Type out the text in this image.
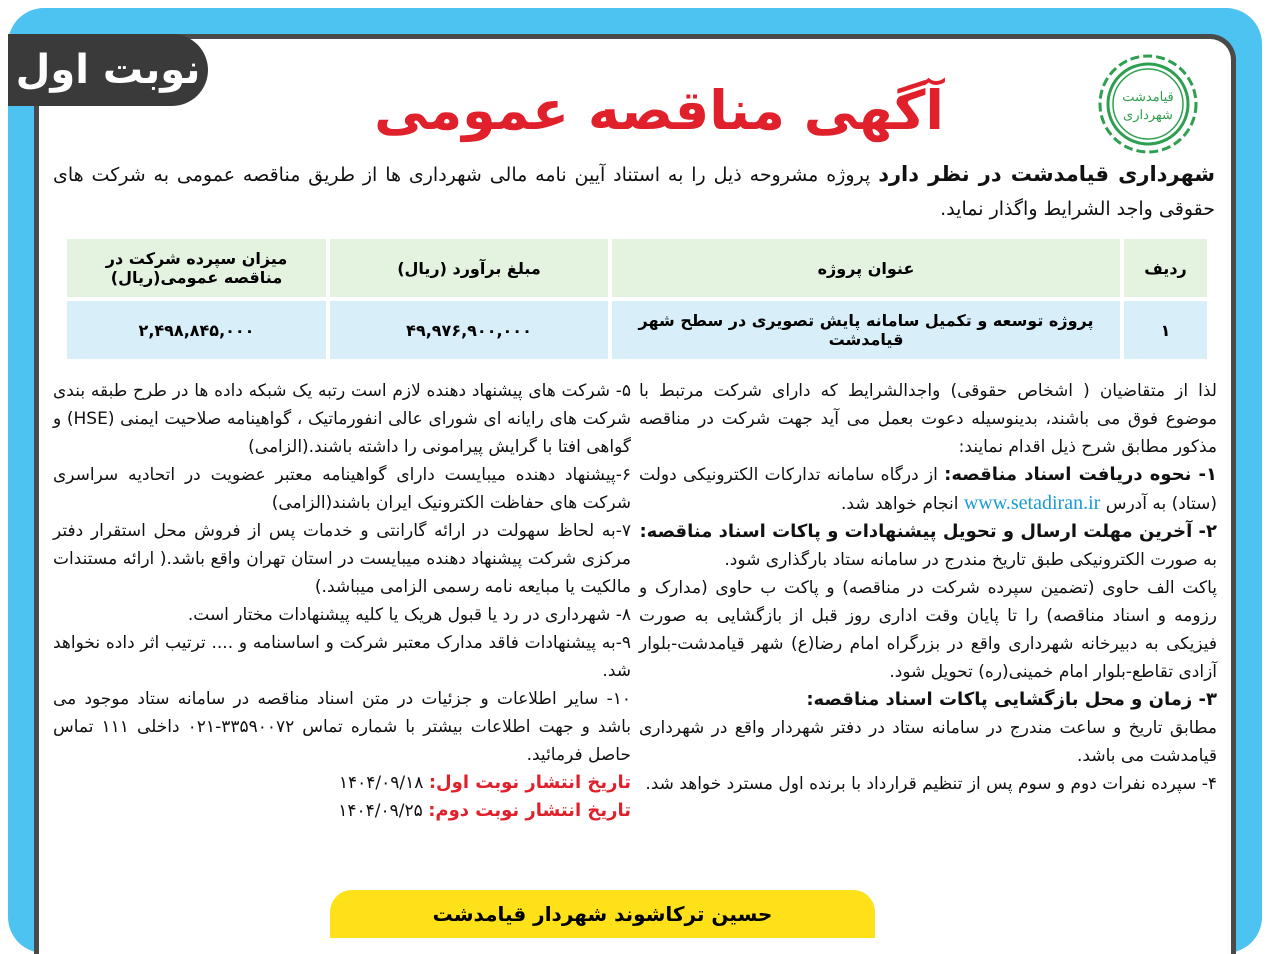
قیامدشت
شهرداری
آگهی مناقصه عمومی
شهرداری قیامدشت در نظر دارد پروژه مشروحه ذیل را به استناد آیین نامه مالی شهرداری ها از طریق مناقصه عمومی به شرکت های حقوقی واجد الشرایط واگذار نماید.
ردیف	عنوان پروژه	مبلغ برآورد (ریال)	میزان سپرده شرکت در مناقصه عمومی(ریال)
۱	پروژه توسعه و تکمیل سامانه پایش تصویری در سطح شهر قیامدشت	۴۹,۹۷۶,۹۰۰,۰۰۰	۲,۴۹۸,۸۴۵,۰۰۰

لذا از متقاضیان ( اشخاص حقوقی) واجدالشرایط که دارای شرکت مرتبط با موضوع فوق می باشند، بدینوسیله دعوت بعمل می آید جهت شرکت در مناقصه مذکور مطابق شرح ذیل اقدام نمایند:

۱- نحوه دریافت اسناد مناقصه: از درگاه سامانه تدارکات الکترونیکی دولت (ستاد) به آدرس www.setadiran.ir انجام خواهد شد.

۲- آخرین مهلت ارسال و تحویل پیشنهادات و پاکات اسناد مناقصه:

به صورت الکترونیکی طبق تاریخ مندرج در سامانه ستاد بارگذاری شود.

پاکت الف حاوی (تضمین سپرده شرکت در مناقصه) و پاکت ب حاوی (مدارک و رزومه و اسناد مناقصه) را تا پایان وقت اداری روز قبل از بازگشایی به صورت فیزیکی به دبیرخانه شهرداری واقع در بزرگراه امام رضا(ع) شهر قیامدشت-بلوار آزادی تقاطع-بلوار امام خمینی(ره) تحویل شود.

۳- زمان و محل بازگشایی پاکات اسناد مناقصه:

مطابق تاریخ و ساعت مندرج در سامانه ستاد در دفتر شهردار واقع در شهرداری قیامدشت می باشد.

۴- سپرده نفرات دوم و سوم پس از تنظیم قرارداد با برنده اول مسترد خواهد شد.

۵- شرکت های پیشنهاد دهنده لازم است رتبه یک شبکه داده ها در طرح طبقه بندی شرکت های رایانه ای شورای عالی انفورماتیک ، گواهینامه صلاحیت ایمنی (HSE) و گواهی افتا با گرایش پیرامونی را داشته باشند.(الزامی)

۶-پیشنهاد دهنده میبایست دارای گواهینامه معتبر عضویت در اتحادیه سراسری شرکت های حفاظت الکترونیک ایران باشند(الزامی)

۷-به لحاظ سهولت در ارائه گارانتی و خدمات پس از فروش محل استقرار دفتر مرکزی شرکت پیشنهاد دهنده میبایست در استان تهران واقع باشد.( ارائه مستندات مالکیت یا مبایعه نامه رسمی الزامی میباشد.)

۸- شهرداری در رد یا قبول هریک یا کلیه پیشنهادات مختار است.

۹-به پیشنهادات فاقد مدارک معتبر شرکت و اساسنامه و .... ترتیب اثر داده نخواهد شد.

۱۰- سایر اطلاعات و جزئیات در متن اسناد مناقصه در سامانه ستاد موجود می باشد و جهت اطلاعات بیشتر با شماره تماس ۳۳۵۹۰۰۷۲-۰۲۱ داخلی ۱۱۱ تماس حاصل فرمائید.

تاریخ انتشار نوبت اول: ۱۴۰۴/۰۹/۱۸

تاریخ انتشار نوبت دوم: ۱۴۰۴/۰۹/۲۵

نوبت اول
حسین ترکاشوند شهردار قیامدشت
